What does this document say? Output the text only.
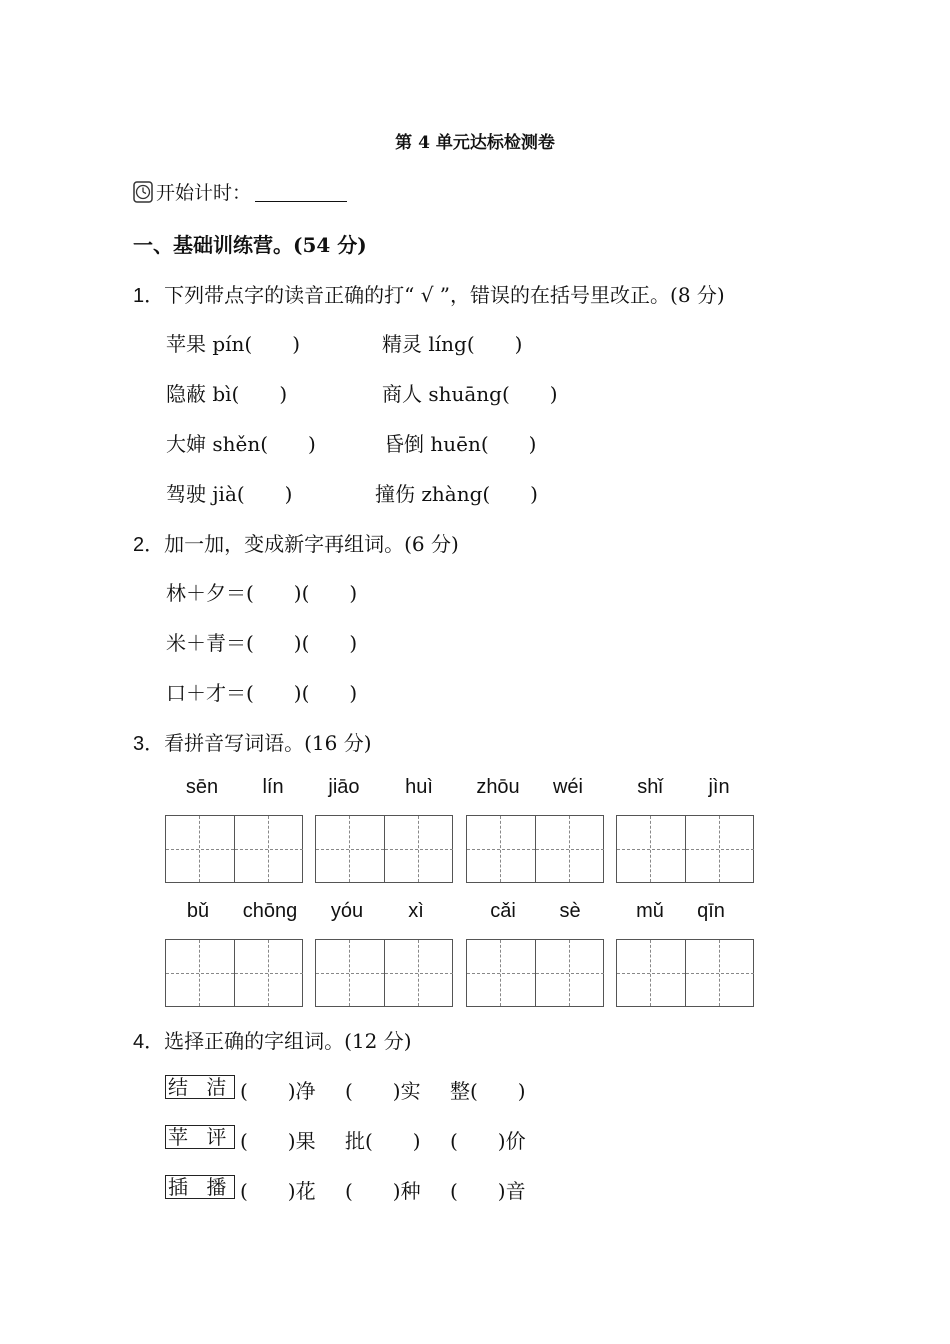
第 4 单元达标检测卷
开始计时：
一、基础训练营。(54 分)
1．下列带点字的读音正确的打“ √ ”，错误的在括号里改正。(8 分)
苹果 pín(　　)	精灵 líng(　　)
隐蔽 bì(　　)	商人 shuāng(　　)
大婶 shěn(　　)	昏倒 huēn(　　)
驾驶 jià(　　)	撞伤 zhàng(　　)
2．加一加，变成新字再组词。(6 分)
林＋夕＝(　　)(　　)
米＋青＝(　　)(　　)
口＋才＝(　　)(　　)
3．看拼音写词语。(16 分)
sēn	lín	jiāo	huì	zhōu	wéi	shǐ	jìn
bǔ	chōng	yóu	xì	cǎi	sè	mǔ	qīn
4．选择正确的字组词。(12 分)
结 洁 (　　)净 (　　)实 整(　　)
苹 评 (　　)果 批(　　) (　　)价
插 播 (　　)花 (　　)种 (　　)音
